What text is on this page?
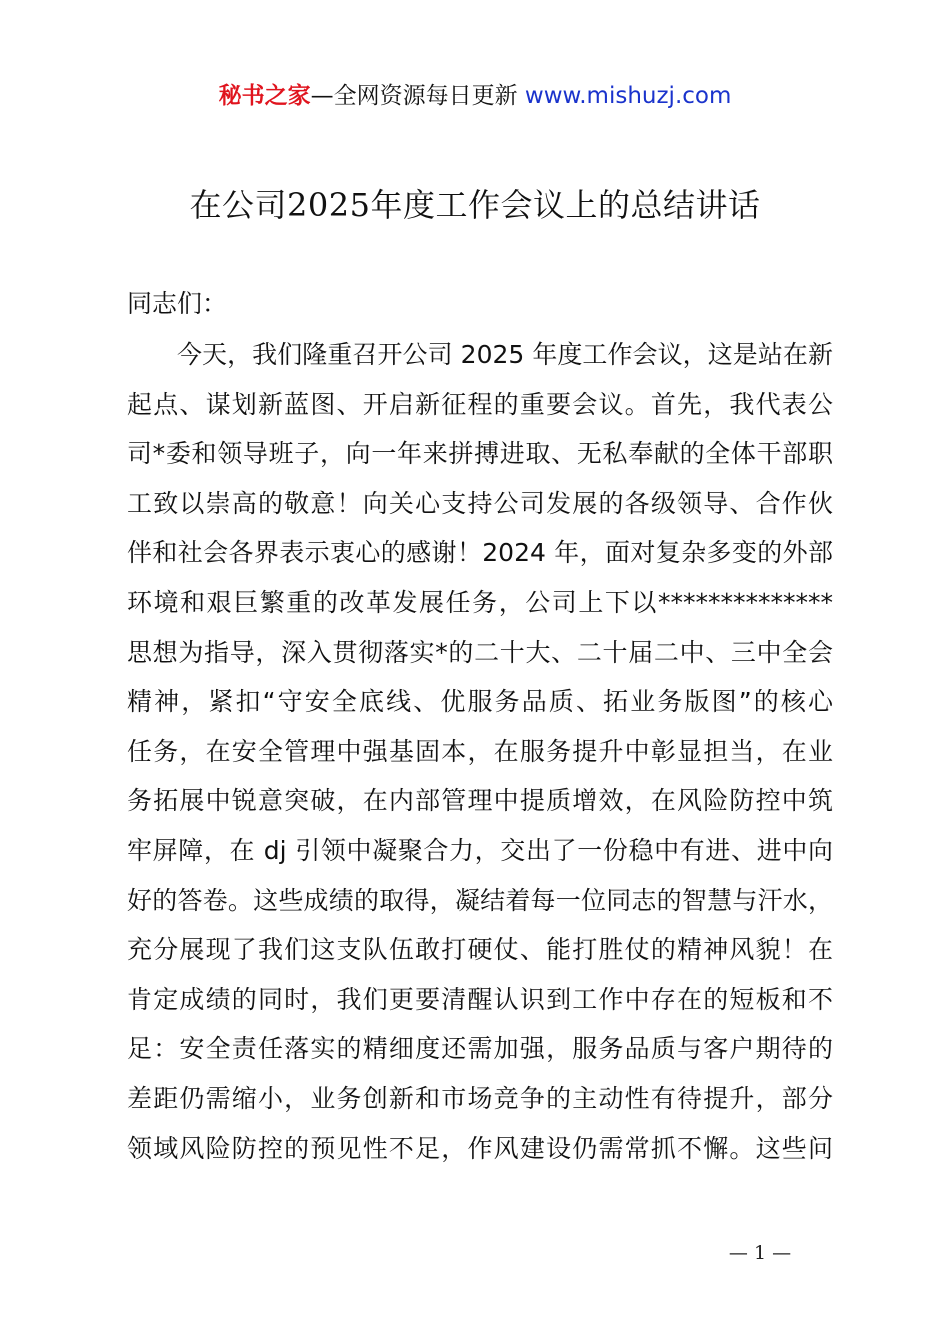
秘书之家—全网资源每日更新 www.mishuzj.com
在公司2025年度工作会议上的总结讲话
同志们：
今天，我们隆重召开公司 2025 年度工作会议，这是站在新
起点、谋划新蓝图、开启新征程的重要会议。首先，我代表公
司*委和领导班子，向一年来拼搏进取、无私奉献的全体干部职
工致以崇高的敬意！向关心支持公司发展的各级领导、合作伙
伴和社会各界表示衷心的感谢！2024 年，面对复杂多变的外部
环境和艰巨繁重的改革发展任务，公司上下以**************
思想为指导，深入贯彻落实*的二十大、二十届二中、三中全会
精神，紧扣“守安全底线、优服务品质、拓业务版图”的核心
任务，在安全管理中强基固本，在服务提升中彰显担当，在业
务拓展中锐意突破，在内部管理中提质增效，在风险防控中筑
牢屏障，在 dj 引领中凝聚合力，交出了一份稳中有进、进中向
好的答卷。这些成绩的取得，凝结着每一位同志的智慧与汗水，
充分展现了我们这支队伍敢打硬仗、能打胜仗的精神风貌！在
肯定成绩的同时，我们更要清醒认识到工作中存在的短板和不
足：安全责任落实的精细度还需加强，服务品质与客户期待的
差距仍需缩小，业务创新和市场竞争的主动性有待提升，部分
领域风险防控的预见性不足，作风建设仍需常抓不懈。这些问
— 1 —
